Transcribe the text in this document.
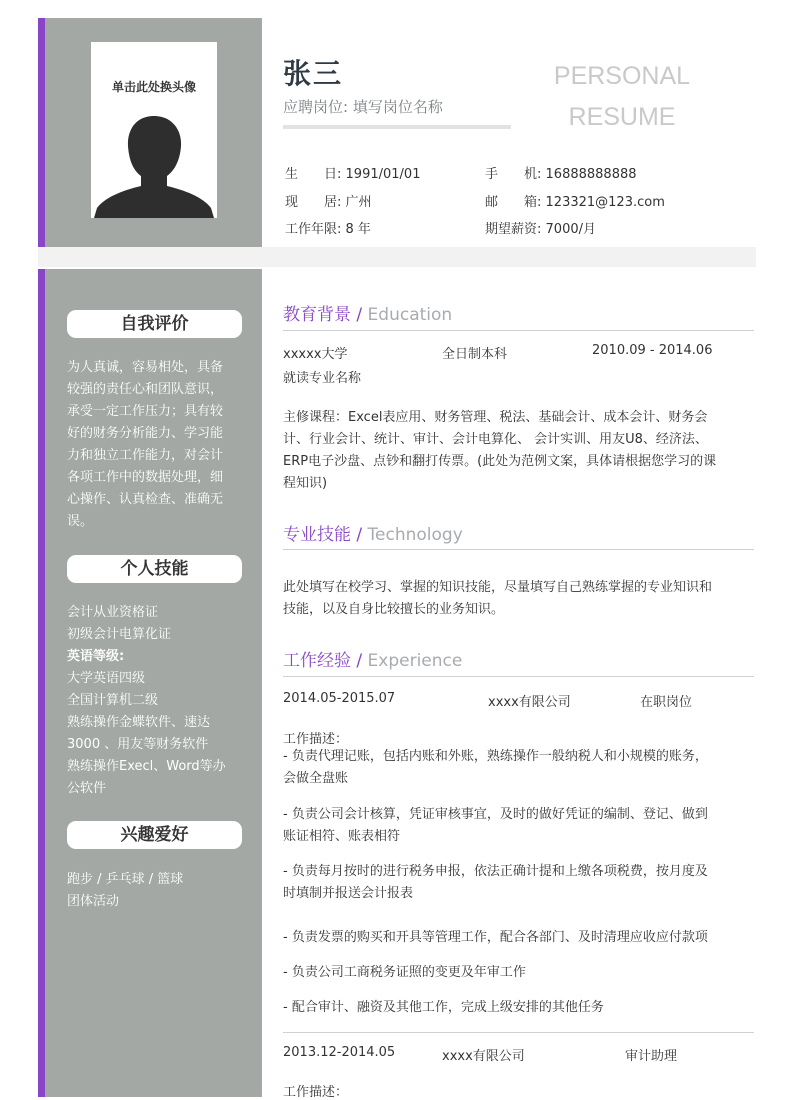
单击此处换头像	张三
应聘岗位: 填写岗位名称
PERSONAL
RESUME
生　　日: 1991/01/01	手　　机: 16888888888
现　　居: 广州	邮　　箱: 123321@123.com
工作年限: 8 年	期望薪资: 7000/月
自我评价
为人真诚，容易相处，具备
较强的责任心和团队意识，
承受一定工作压力；具有较
好的财务分析能力、学习能
力和独立工作能力，对会计
各项工作中的数据处理，细
心操作、认真检查、准确无
误。
个人技能
会计从业资格证
初级会计电算化证
英语等级:
大学英语四级
全国计算机二级
熟练操作金蝶软件、速达
3000 、用友等财务软件
熟练操作Execl、Word等办
公软件
兴趣爱好
跑步 / 乒乓球 / 篮球
团体活动
教育背景 / Education
xxxxx大学	全日制本科	2010.09 - 2014.06
就读专业名称
主修课程：Excel表应用、财务管理、税法、基础会计、成本会计、财务会
计、行业会计、统计、审计、会计电算化、 会计实训、用友U8、经济法、
ERP电子沙盘、点钞和翻打传票。(此处为范例文案，具体请根据您学习的课
程知识)
专业技能 / Technology
此处填写在校学习、掌握的知识技能，尽量填写自己熟练掌握的专业知识和
技能，以及自身比较擅长的业务知识。
工作经验 / Experience
2014.05-2015.07	xxxx有限公司	在职岗位
工作描述：
- 负责代理记账，包括内账和外账，熟练操作一般纳税人和小规模的账务，
会做全盘账
- 负责公司会计核算，凭证审核事宜，及时的做好凭证的编制、登记、做到
账证相符、账表相符
- 负责每月按时的进行税务申报，依法正确计提和上缴各项税费，按月度及
时填制并报送会计报表
- 负责发票的购买和开具等管理工作，配合各部门、及时清理应收应付款项
- 负责公司工商税务证照的变更及年审工作
- 配合审计、融资及其他工作，完成上级安排的其他任务
2013.12-2014.05	xxxx有限公司	审计助理
工作描述：
